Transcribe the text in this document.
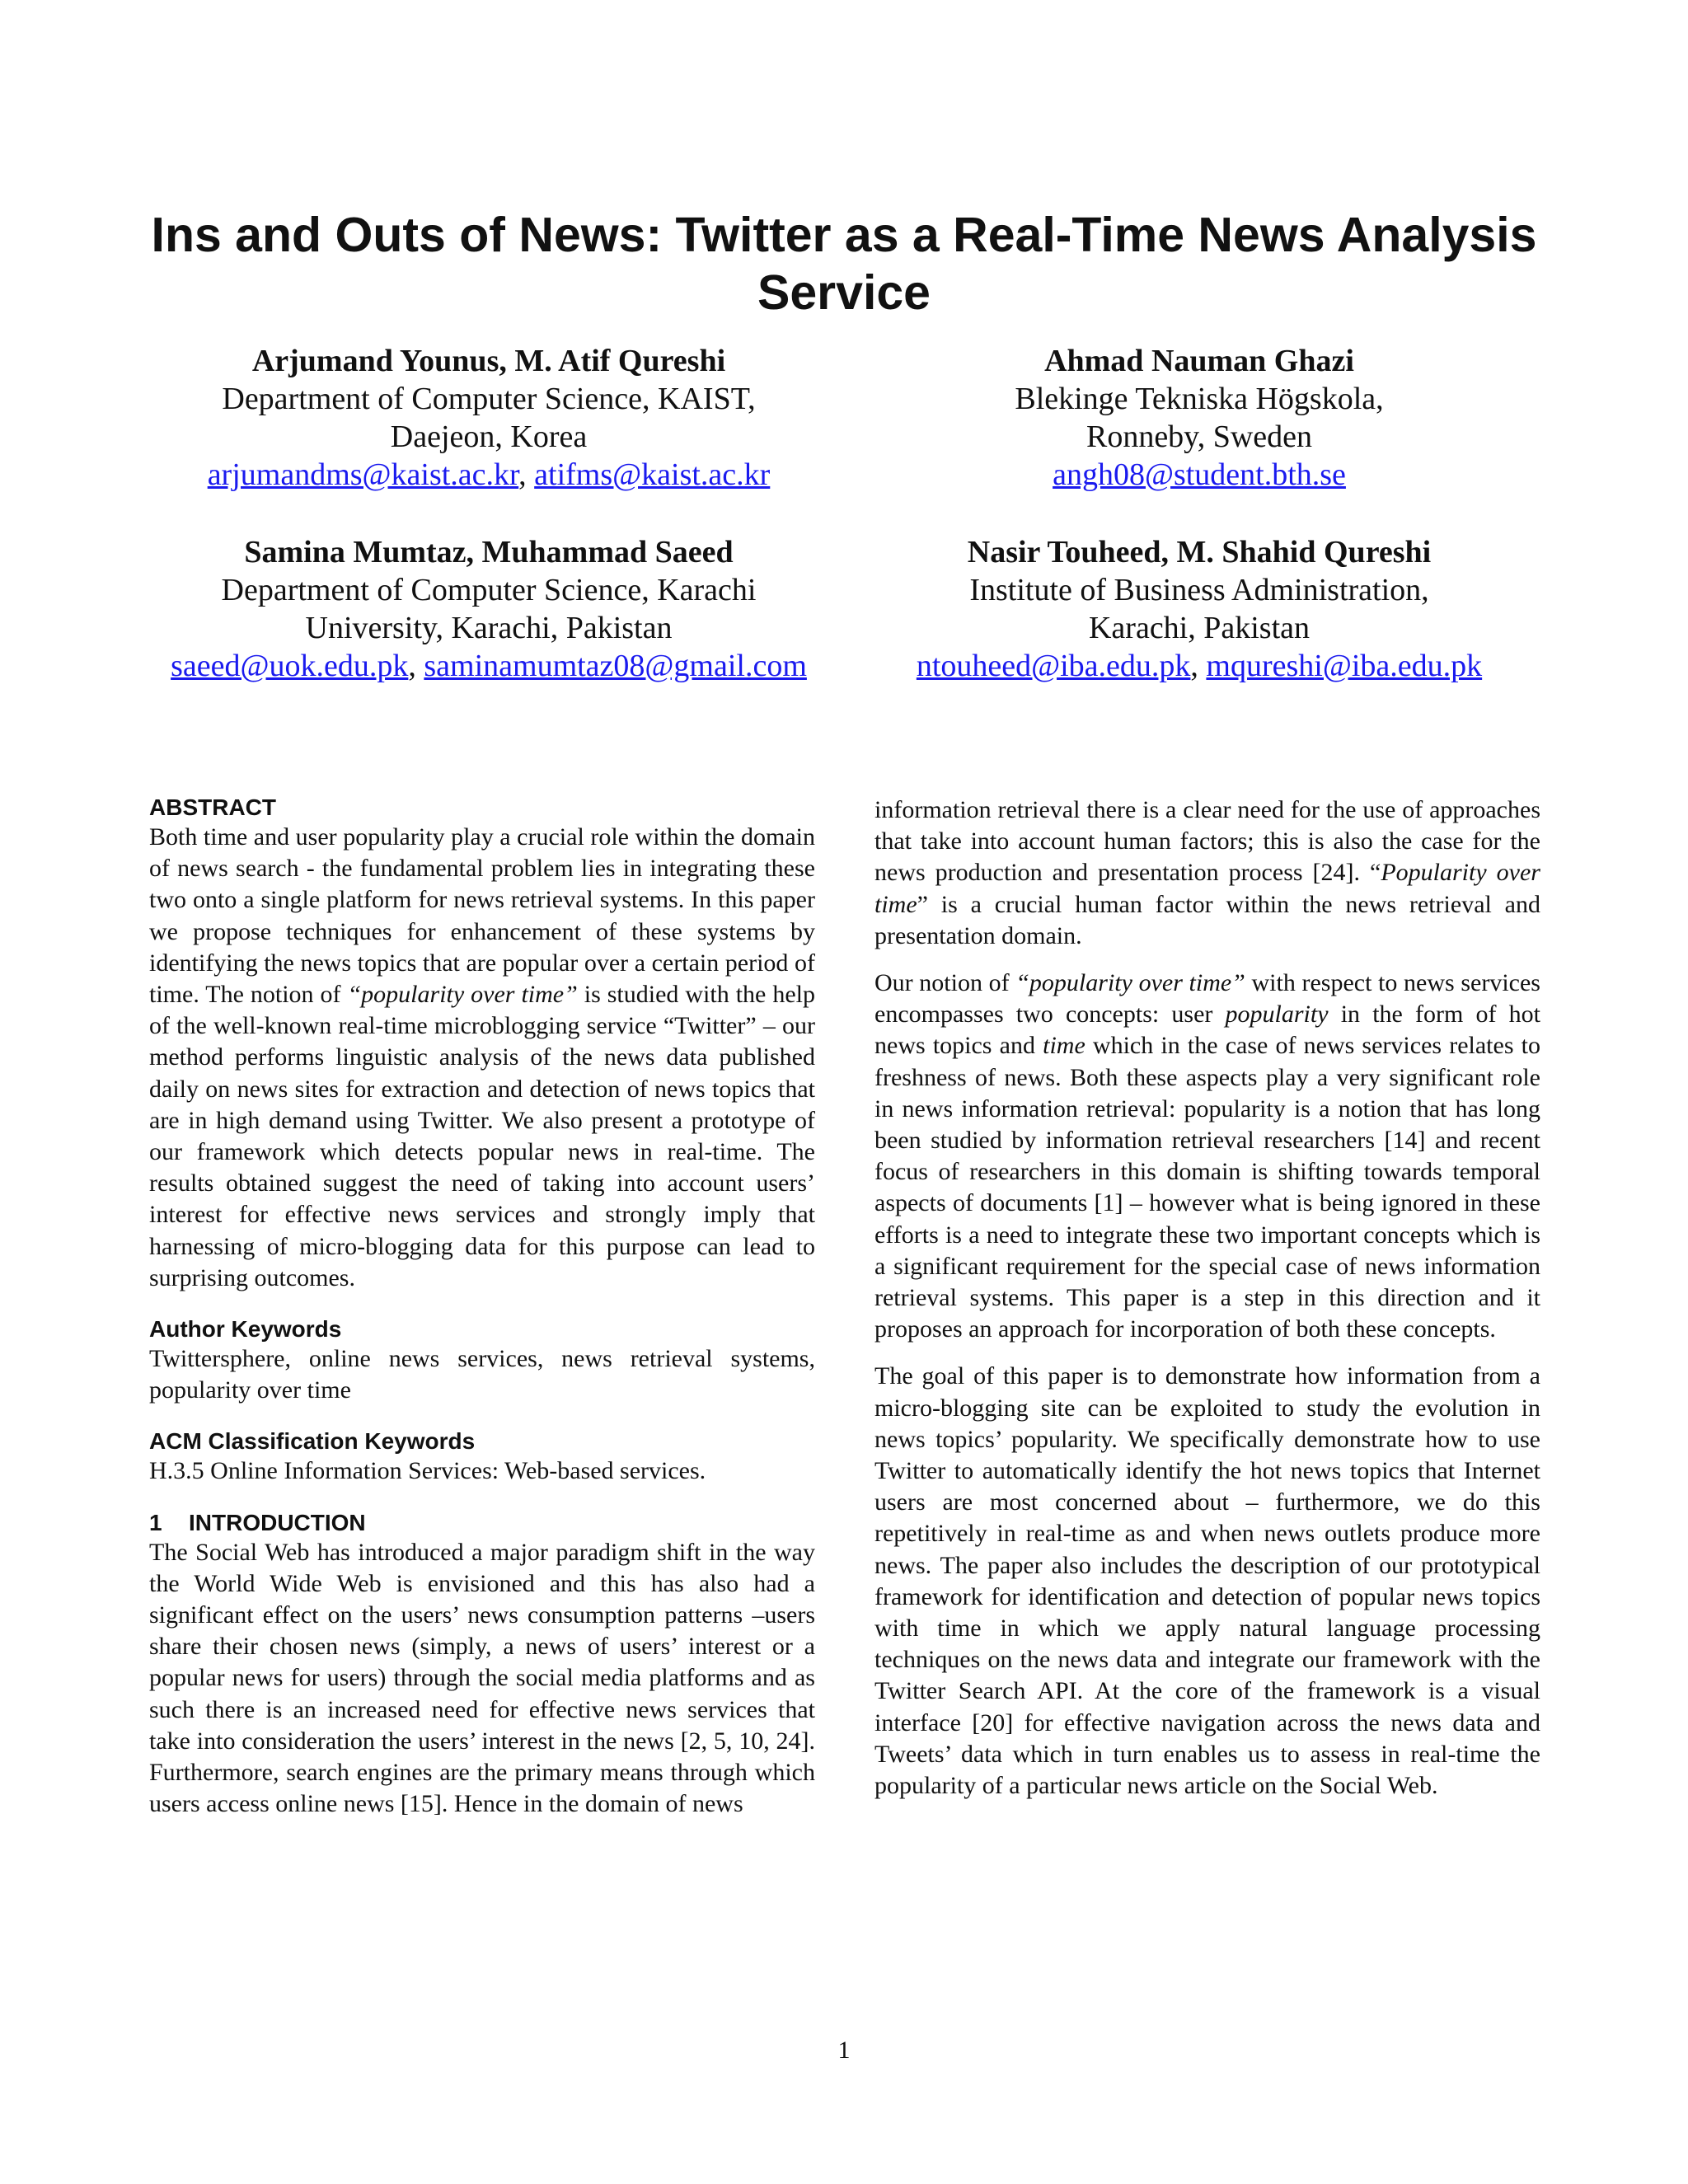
Ins and Outs of News: Twitter as a Real-Time News Analysis Service
Arjumand Younus, M. Atif Qureshi
Department of Computer Science, KAIST,
Daejeon, Korea
arjumandms@kaist.ac.kr, atifms@kaist.ac.kr
Ahmad Nauman Ghazi
Blekinge Tekniska Högskola,
Ronneby, Sweden
angh08@student.bth.se
Samina Mumtaz, Muhammad Saeed
Department of Computer Science, Karachi
University, Karachi, Pakistan
saeed@uok.edu.pk, saminamumtaz08@gmail.com
Nasir Touheed, M. Shahid Qureshi
Institute of Business Administration,
Karachi, Pakistan
ntouheed@iba.edu.pk, mqureshi@iba.edu.pk
ABSTRACT

Both time and user popularity play a crucial role within the domain of news search - the fundamental problem lies in integrating these two onto a single platform for news retrieval systems. In this paper we propose techniques for enhancement of these systems by identifying the news topics that are popular over a certain period of time. The notion of “popularity over time” is studied with the help of the well-known real-time microblogging service “Twitter” – our method performs linguistic analysis of the news data published daily on news sites for extraction and detection of news topics that are in high demand using Twitter. We also present a prototype of our framework which detects popular news in real-time. The results obtained suggest the need of taking into account users’ interest for effective news services and strongly imply that harnessing of micro-blogging data for this purpose can lead to surprising outcomes.

Author Keywords

Twittersphere, online news services, news retrieval systems, popularity over time

ACM Classification Keywords

H.3.5 Online Information Services: Web-based services.

1 INTRODUCTION

The Social Web has introduced a major paradigm shift in the way the World Wide Web is envisioned and this has also had a significant effect on the users’ news consumption patterns –users share their chosen news (simply, a news of users’ interest or a popular news for users) through the social media platforms and as such there is an increased need for effective news services that take into consideration the users’ interest in the news [2, 5, 10, 24]. Furthermore, search engines are the primary means through which users access online news [15]. Hence in the domain of news

information retrieval there is a clear need for the use of approaches that take into account human factors; this is also the case for the news production and presentation process [24]. “Popularity over time” is a crucial human factor within the news retrieval and presentation domain.

Our notion of “popularity over time” with respect to news services encompasses two concepts: user popularity in the form of hot news topics and time which in the case of news services relates to freshness of news. Both these aspects play a very significant role in news information retrieval: popularity is a notion that has long been studied by information retrieval researchers [14] and recent focus of researchers in this domain is shifting towards temporal aspects of documents [1] – however what is being ignored in these efforts is a need to integrate these two important concepts which is a significant requirement for the special case of news information retrieval systems. This paper is a step in this direction and it proposes an approach for incorporation of both these concepts.

The goal of this paper is to demonstrate how information from a micro-blogging site can be exploited to study the evolution in news topics’ popularity. We specifically demonstrate how to use Twitter to automatically identify the hot news topics that Internet users are most concerned about – furthermore, we do this repetitively in real-time as and when news outlets produce more news. The paper also includes the description of our prototypical framework for identification and detection of popular news topics with time in which we apply natural language processing techniques on the news data and integrate our framework with the Twitter Search API. At the core of the framework is a visual interface [20] for effective navigation across the news data and Tweets’ data which in turn enables us to assess in real-time the popularity of a particular news article on the Social Web.

1
